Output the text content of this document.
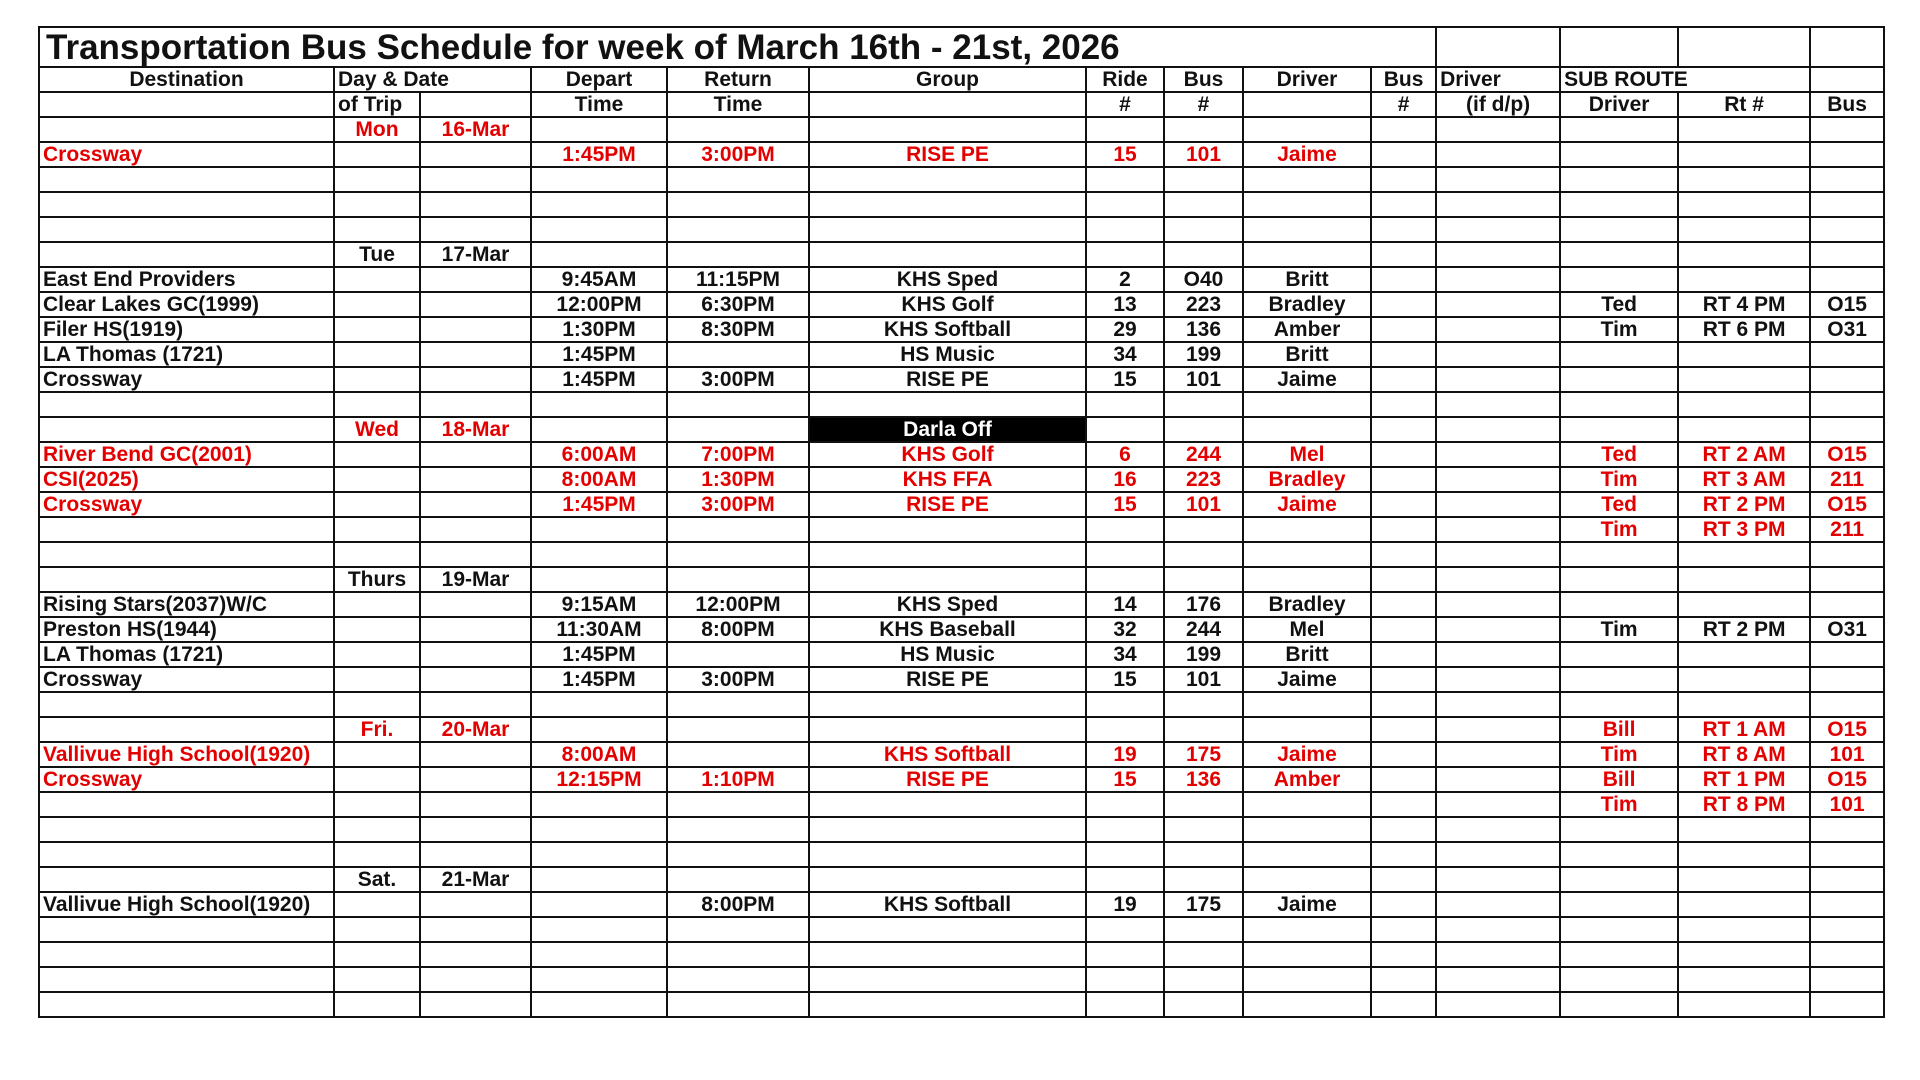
Transportation Bus Schedule for week of March 16th - 21st, 2026													
Destination	Day & Date		Depart	Return	Group	Ride	Bus	Driver	Bus	Driver	SUB ROUTE		
	of Trip		Time	Time		#	#		#	(if d/p)	Driver	Rt #	Bus
	Mon	16-Mar											
Crossway			1:45PM	3:00PM	RISE PE	15	101	Jaime					

	Tue	17-Mar											
East End Providers			9:45AM	11:15PM	KHS Sped	2	O40	Britt					
Clear Lakes GC(1999)			12:00PM	6:30PM	KHS Golf	13	223	Bradley			Ted	RT 4 PM	O15
Filer HS(1919)			1:30PM	8:30PM	KHS Softball	29	136	Amber			Tim	RT 6 PM	O31
LA Thomas (1721)			1:45PM		HS Music	34	199	Britt					
Crossway			1:45PM	3:00PM	RISE PE	15	101	Jaime					

	Wed	18-Mar			Darla Off								
River Bend GC(2001)			6:00AM	7:00PM	KHS Golf	6	244	Mel			Ted	RT 2 AM	O15
CSI(2025)			8:00AM	1:30PM	KHS FFA	16	223	Bradley			Tim	RT 3 AM	211
Crossway			1:45PM	3:00PM	RISE PE	15	101	Jaime			Ted	RT 2 PM	O15
											Tim	RT 3 PM	211

	Thurs	19-Mar											
Rising Stars(2037)W/C			9:15AM	12:00PM	KHS Sped	14	176	Bradley					
Preston HS(1944)			11:30AM	8:00PM	KHS Baseball	32	244	Mel			Tim	RT 2 PM	O31
LA Thomas (1721)			1:45PM		HS Music	34	199	Britt					
Crossway			1:45PM	3:00PM	RISE PE	15	101	Jaime					

	Fri.	20-Mar									Bill	RT 1 AM	O15
Vallivue High School(1920)			8:00AM		KHS Softball	19	175	Jaime			Tim	RT 8 AM	101
Crossway			12:15PM	1:10PM	RISE PE	15	136	Amber			Bill	RT 1 PM	O15
											Tim	RT 8 PM	101

	Sat.	21-Mar											
Vallivue High School(1920)				8:00PM	KHS Softball	19	175	Jaime					
